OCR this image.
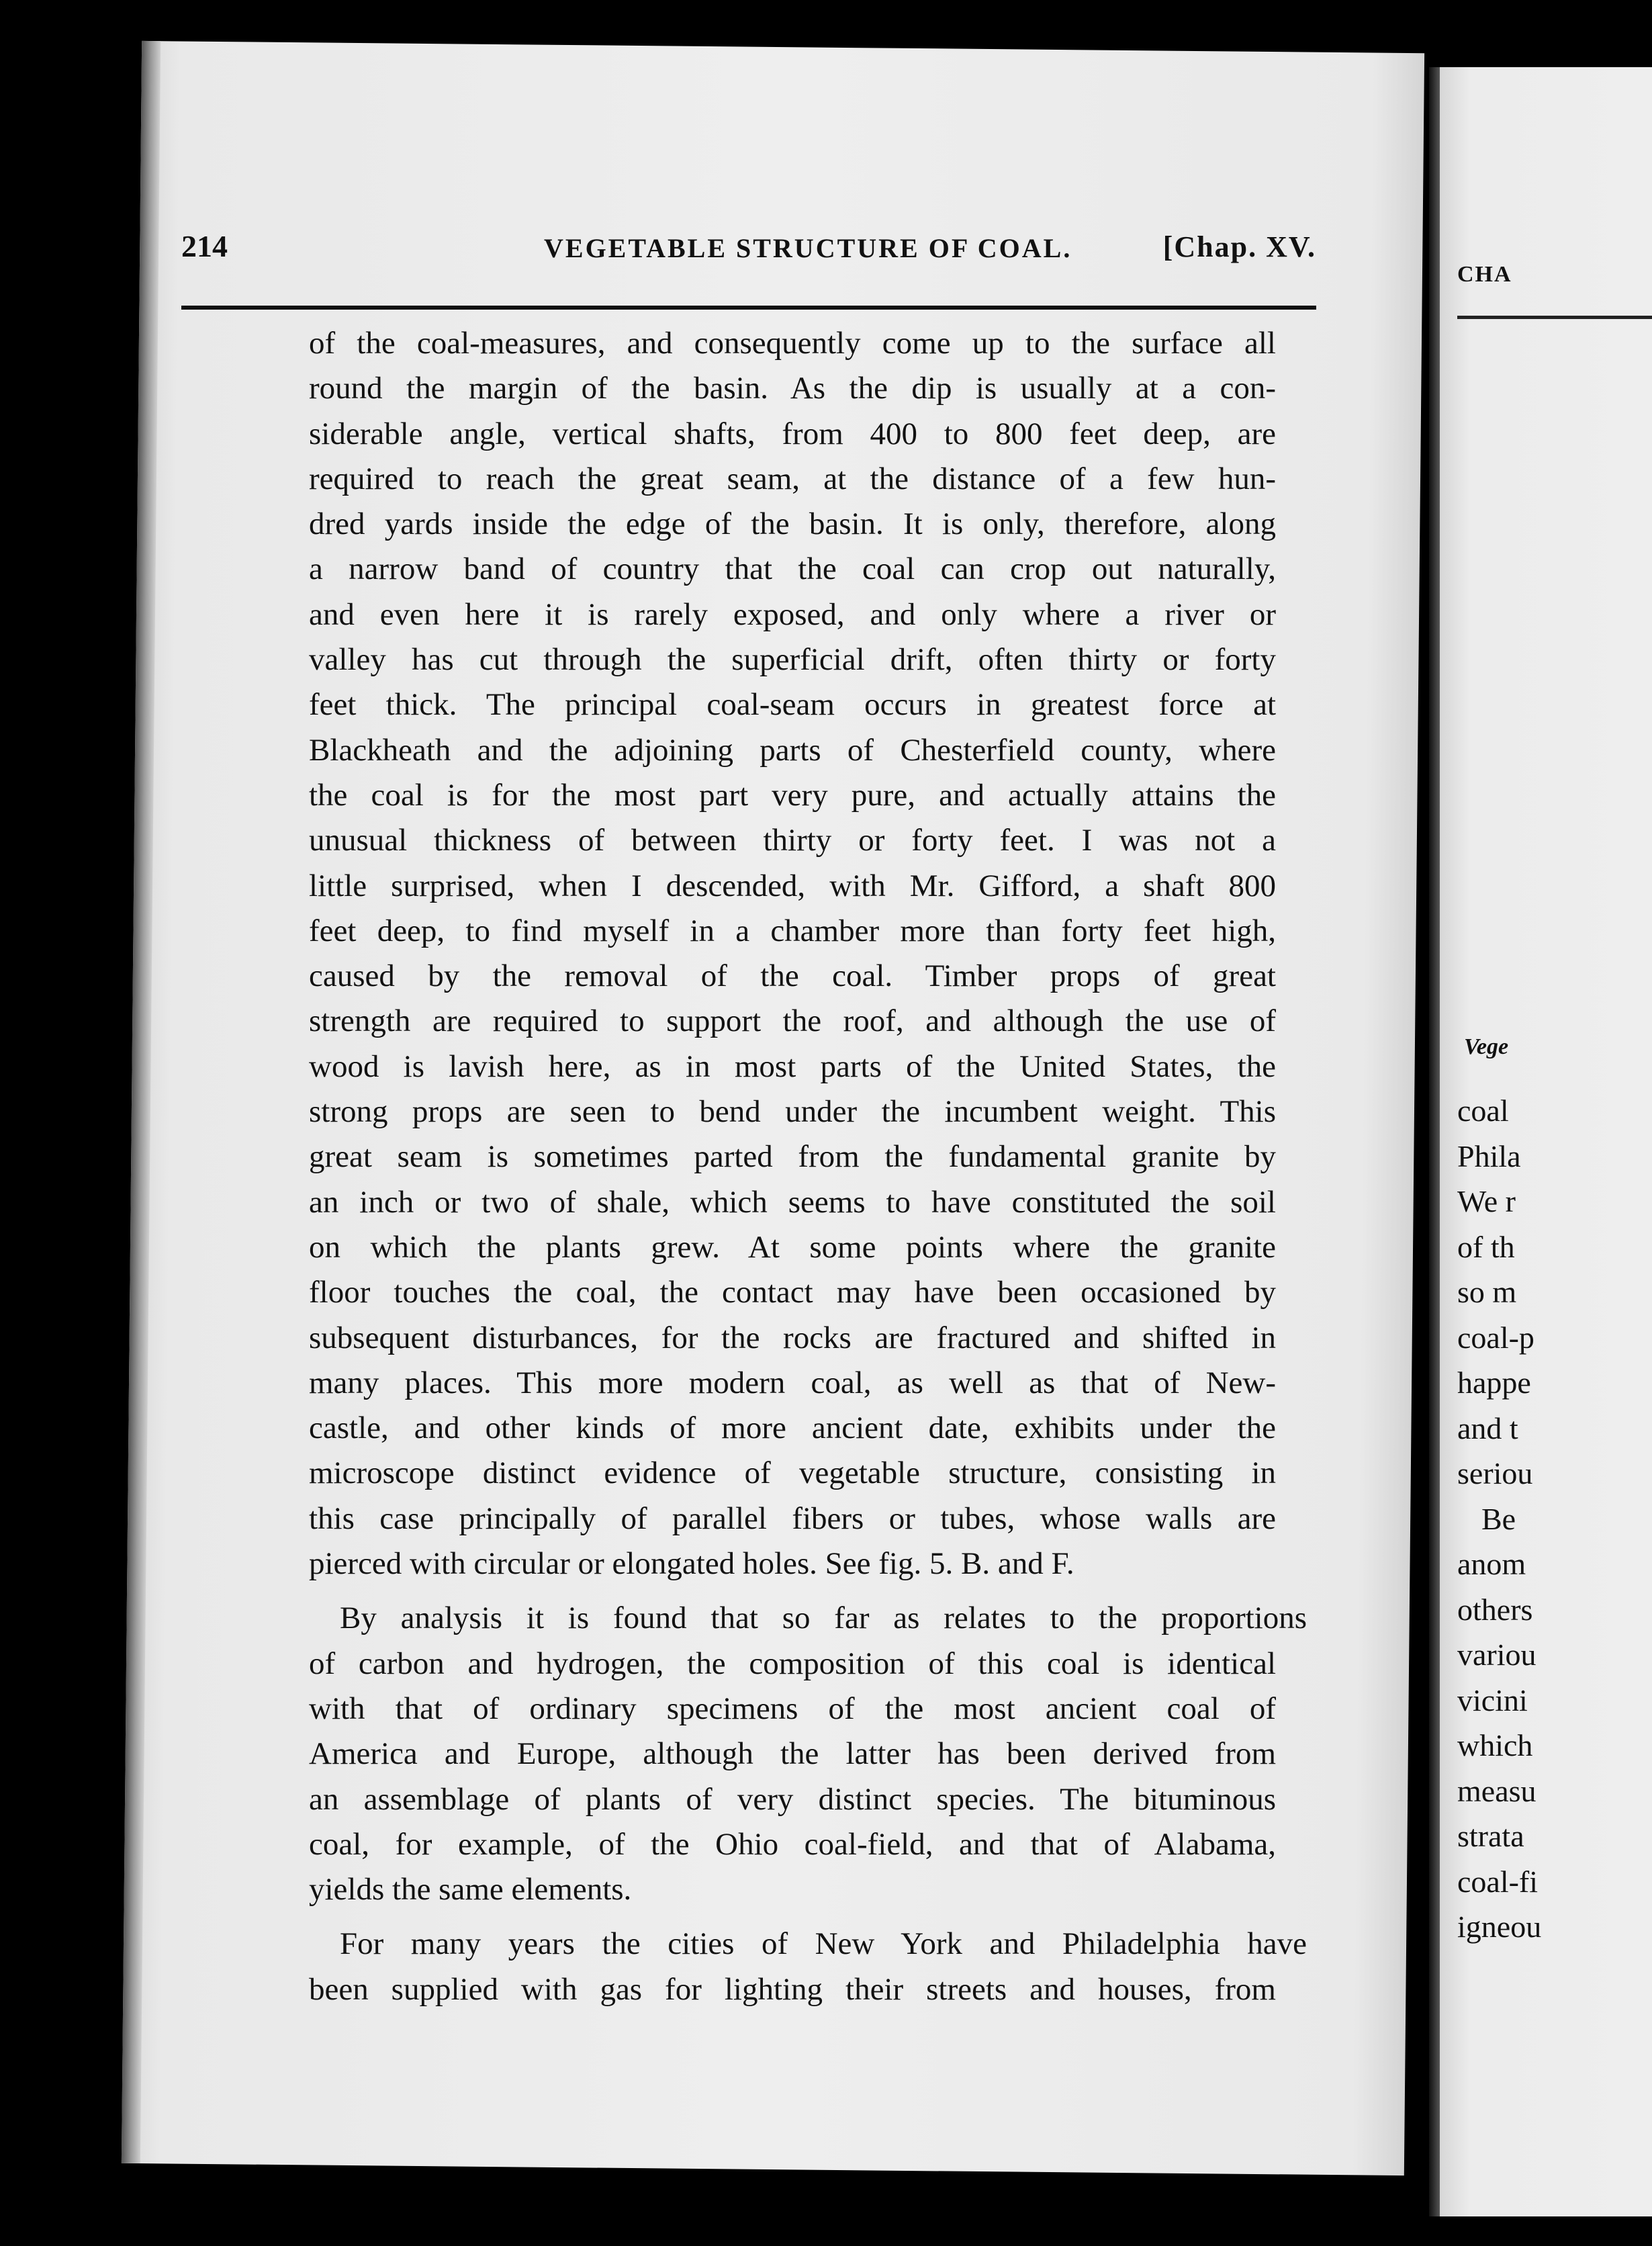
CHA
Vege
coal
Phila
We r
of th
so m
coal-p
happe
and t
seriou
Be
anom
others
variou
vicini
which
measu
strata
coal-fi
igneou
214	VEGETABLE STRUCTURE OF COAL.	[Chap. XV.
of the coal-measures, and consequently come up to the surface all
round the margin of the basin. As the dip is usually at a con-
siderable angle, vertical shafts, from 400 to 800 feet deep, are
required to reach the great seam, at the distance of a few hun-
dred yards inside the edge of the basin. It is only, therefore, along
a narrow band of country that the coal can crop out naturally,
and even here it is rarely exposed, and only where a river or
valley has cut through the superficial drift, often thirty or forty
feet thick. The principal coal-seam occurs in greatest force at
Blackheath and the adjoining parts of Chesterfield county, where
the coal is for the most part very pure, and actually attains the
unusual thickness of between thirty or forty feet. I was not a
little surprised, when I descended, with Mr. Gifford, a shaft 800
feet deep, to find myself in a chamber more than forty feet high,
caused by the removal of the coal. Timber props of great
strength are required to support the roof, and although the use of
wood is lavish here, as in most parts of the United States, the
strong props are seen to bend under the incumbent weight. This
great seam is sometimes parted from the fundamental granite by
an inch or two of shale, which seems to have constituted the soil
on which the plants grew. At some points where the granite
floor touches the coal, the contact may have been occasioned by
subsequent disturbances, for the rocks are fractured and shifted in
many places. This more modern coal, as well as that of New-
castle, and other kinds of more ancient date, exhibits under the
microscope distinct evidence of vegetable structure, consisting in
this case principally of parallel fibers or tubes, whose walls are
pierced with circular or elongated holes. See fig. 5. B. and F.
By analysis it is found that so far as relates to the proportions
of carbon and hydrogen, the composition of this coal is identical
with that of ordinary specimens of the most ancient coal of
America and Europe, although the latter has been derived from
an assemblage of plants of very distinct species. The bituminous
coal, for example, of the Ohio coal-field, and that of Alabama,
yields the same elements.
For many years the cities of New York and Philadelphia have
been supplied with gas for lighting their streets and houses, from
